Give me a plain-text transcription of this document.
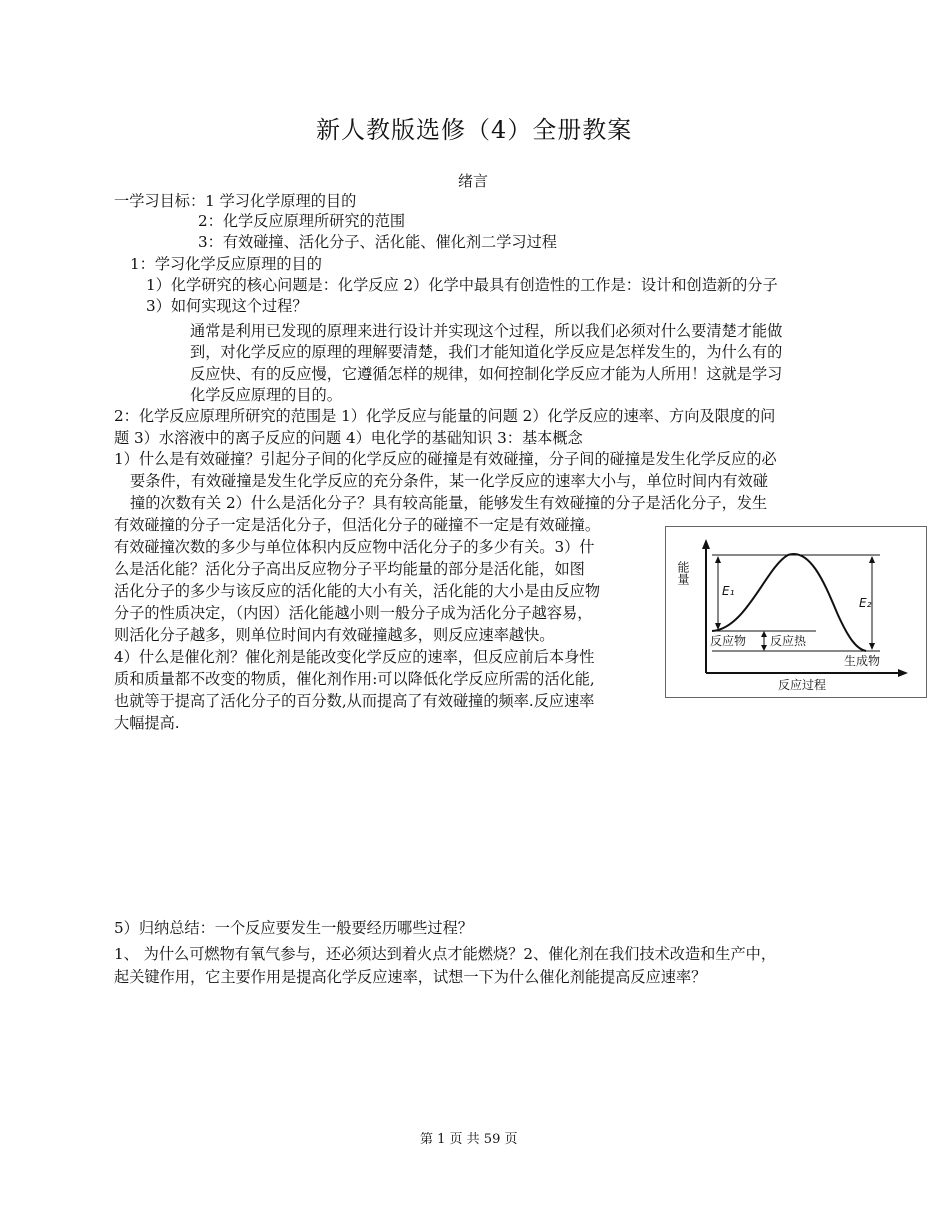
新人教版选修（4）全册教案
绪言
一学习目标：1 学习化学原理的目的
2：化学反应原理所研究的范围
3：有效碰撞、活化分子、活化能、催化剂二学习过程
1：学习化学反应原理的目的
1）化学研究的核心问题是：化学反应 2）化学中最具有创造性的工作是：设计和创造新的分子
3）如何实现这个过程？
通常是利用已发现的原理来进行设计并实现这个过程，所以我们必须对什么要清楚才能做
到，对化学反应的原理的理解要清楚，我们才能知道化学反应是怎样发生的，为什么有的
反应快、有的反应慢，它遵循怎样的规律，如何控制化学反应才能为人所用！这就是学习
化学反应原理的目的。
2：化学反应原理所研究的范围是 1）化学反应与能量的问题 2）化学反应的速率、方向及限度的问
题 3）水溶液中的离子反应的问题 4）电化学的基础知识 3：基本概念
1）什么是有效碰撞？引起分子间的化学反应的碰撞是有效碰撞，分子间的碰撞是发生化学反应的必
要条件，有效碰撞是发生化学反应的充分条件，某一化学反应的速率大小与，单位时间内有效碰
撞的次数有关 2）什么是活化分子？具有较高能量，能够发生有效碰撞的分子是活化分子，发生
有效碰撞的分子一定是活化分子，但活化分子的碰撞不一定是有效碰撞。
有效碰撞次数的多少与单位体积内反应物中活化分子的多少有关。3）什
么是活化能？活化分子高出反应物分子平均能量的部分是活化能，如图
活化分子的多少与该反应的活化能的大小有关，活化能的大小是由反应物
分子的性质决定，（内因）活化能越小则一般分子成为活化分子越容易，
则活化分子越多，则单位时间内有效碰撞越多，则反应速率越快。
4）什么是催化剂？催化剂是能改变化学反应的速率，但反应前后本身性
质和质量都不改变的物质，催化剂作用:可以降低化学反应所需的活化能,
也就等于提高了活化分子的百分数,从而提高了有效碰撞的频率.反应速率
大幅提高.
5）归纳总结：一个反应要发生一般要经历哪些过程？
1、 为什么可燃物有氧气参与，还必须达到着火点才能燃烧？2、催化剂在我们技术改造和生产中，
起关键作用，它主要作用是提高化学反应速率，试想一下为什么催化剂能提高反应速率？
能量
E₁
E₂
反应物 反应热
生成物
反应过程
第 1 页 共 59 页
